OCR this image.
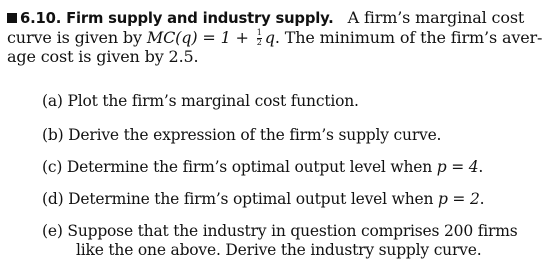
6.10. Firm supply and industry supply. A firm’s marginal cost
curve is given by $MC(q) = 1 + \frac{1}{2} q$. The minimum of the firm’s aver-
age cost is given by 2.5.
(a) Plot the firm’s marginal cost function.
(b) Derive the expression of the firm’s supply curve.
(c) Determine the firm’s optimal output level when p = 4.
(d) Determine the firm’s optimal output level when p = 2.
(e) Suppose that the industry in question comprises 200 firms
like the one above. Derive the industry supply curve.
